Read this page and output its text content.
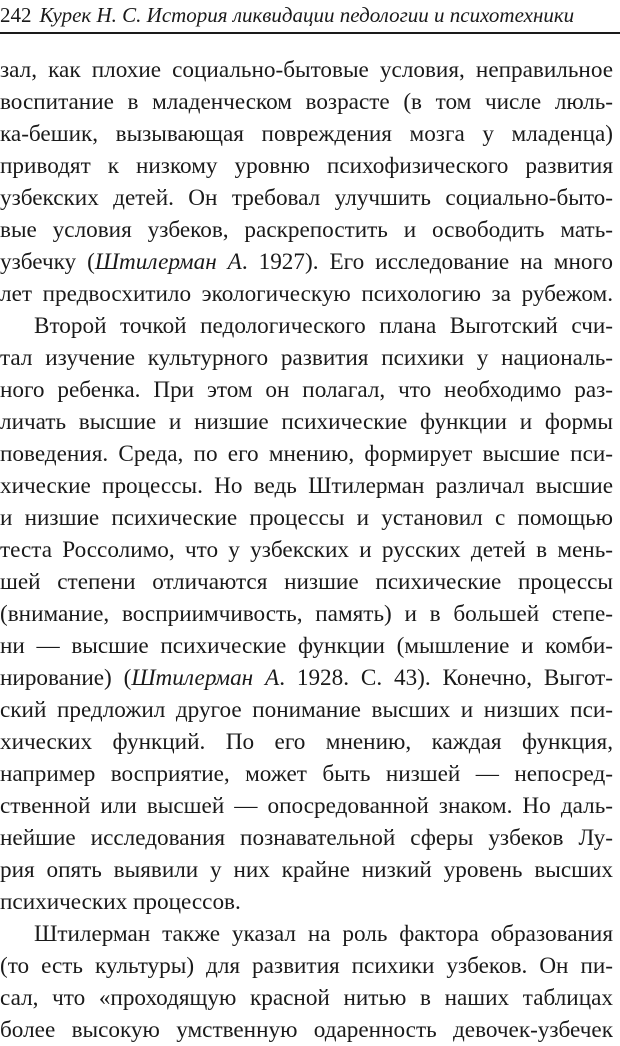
242 Курек Н. С. История ликвидации педологии и психотехники
зал, как плохие социально-бытовые условия, неправильное
воспитание в младенческом возрасте (в том числе люль-
ка-бешик, вызывающая повреждения мозга у младенца)
приводят к низкому уровню психофизического развития
узбекских детей. Он требовал улучшить социально-быто-
вые условия узбеков, раскрепостить и освободить мать-
узбечку (Штилерман А. 1927). Его исследование на много
лет предвосхитило экологическую психологию за рубежом.
Второй точкой педологического плана Выготский счи-
тал изучение культурного развития психики у националь-
ного ребенка. При этом он полагал, что необходимо раз-
личать высшие и низшие психические функции и формы
поведения. Среда, по его мнению, формирует высшие пси-
хические процессы. Но ведь Штилерман различал высшие
и низшие психические процессы и установил с помощью
теста Россолимо, что у узбекских и русских детей в мень-
шей степени отличаются низшие психические процессы
(внимание, восприимчивость, память) и в большей степе-
ни — высшие психические функции (мышление и комби-
нирование) (Штилерман А. 1928. С. 43). Конечно, Выгот-
ский предложил другое понимание высших и низших пси-
хических функций. По его мнению, каждая функция,
например восприятие, может быть низшей — непосред-
ственной или высшей — опосредованной знаком. Но даль-
нейшие исследования познавательной сферы узбеков Лу-
рия опять выявили у них крайне низкий уровень высших
психических процессов.
Штилерман также указал на роль фактора образования
(то есть культуры) для развития психики узбеков. Он пи-
сал, что «проходящую красной нитью в наших таблицах
более высокую умственную одаренность девочек-узбечек
